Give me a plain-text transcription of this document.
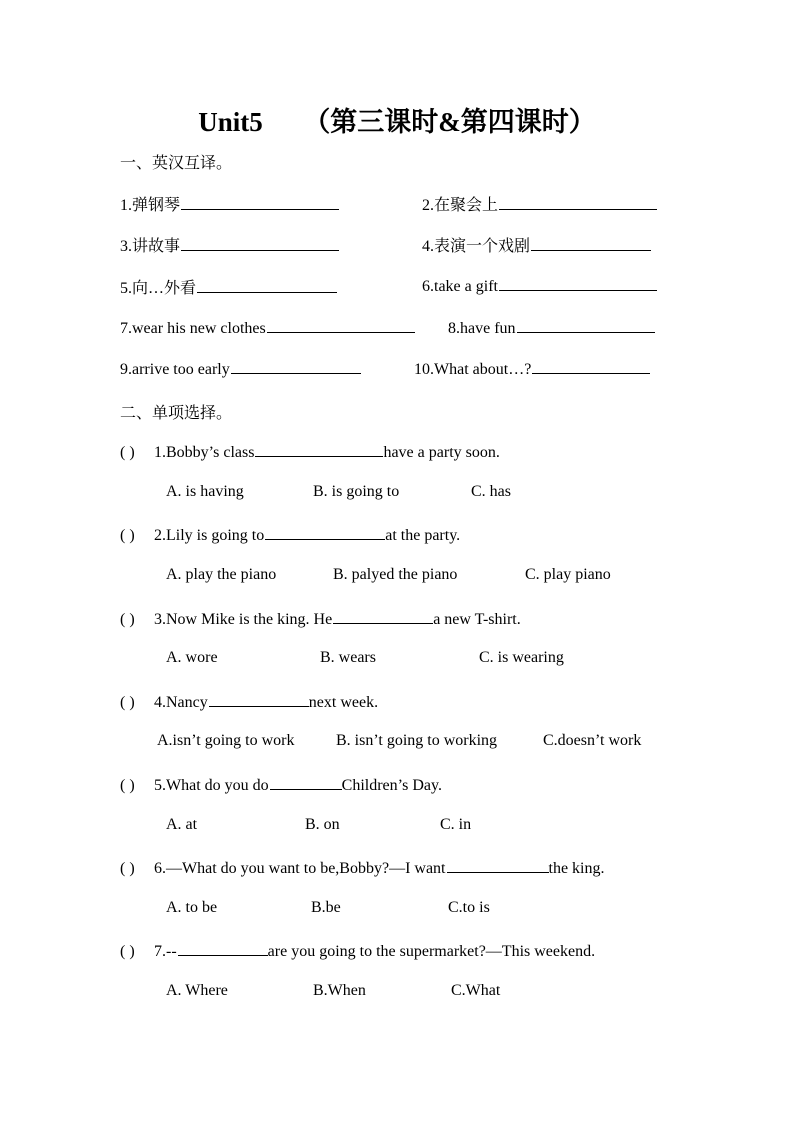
Unit5      （第三课时&第四课时）
一、英汉互译。
1.弹钢琴	2.在聚会上
3.讲故事	4.表演一个戏剧
5.向…外看	6.take a gift
7.wear his new clothes	8.have fun
9.arrive too early	10.What about…?
二、单项选择。
( ) 1.Bobby’s class	have a party soon.
A. is having	B. is going to	C. has
( ) 2.Lily is going to	at the party.
A. play the piano	B. palyed the piano	C. play piano
( ) 3.Now Mike is the king. He	a new T-shirt.
A. wore	B. wears	C. is wearing
( ) 4.Nancy	next week.
A.isn’t going to work	B. isn’t going to working	C.doesn’t work
( ) 5.What do you do	Children’s Day.
A. at	B. on	C. in
( ) 6.—What do you want to be,Bobby?—I want	the king.
A. to be	B.be	C.to is
( ) 7.--	are you going to the supermarket?—This weekend.
A. Where	B.When	C.What
